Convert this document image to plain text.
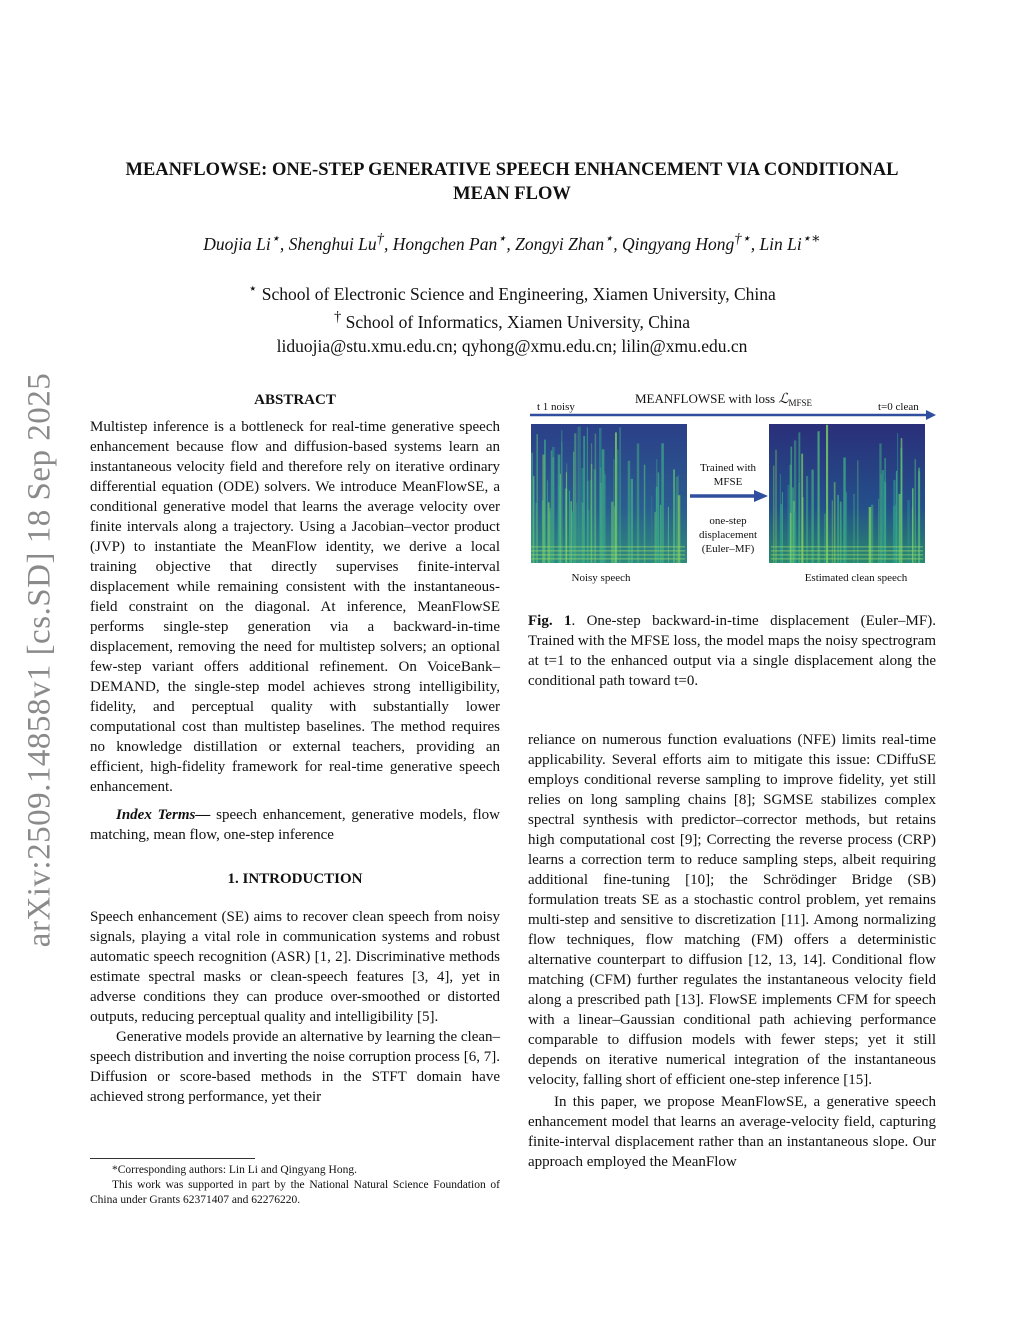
arXiv:2509.14858v1 [cs.SD] 18 Sep 2025
MEANFLOWSE: ONE-STEP GENERATIVE SPEECH ENHANCEMENT VIA CONDITIONAL
MEAN FLOW
Duojia Li⋆, Shenghui Lu†, Hongchen Pan⋆, Zongyi Zhan⋆, Qingyang Hong†⋆, Lin Li⋆∗
⋆ School of Electronic Science and Engineering, Xiamen University, China
† School of Informatics, Xiamen University, China
liduojia@stu.xmu.edu.cn; qyhong@xmu.edu.cn; lilin@xmu.edu.cn
ABSTRACT

Multistep inference is a bottleneck for real-time generative speech enhancement because flow and diffusion-based systems learn an instantaneous velocity field and therefore rely on iterative ordinary differential equation (ODE) solvers. We introduce MeanFlowSE, a conditional generative model that learns the average velocity over finite intervals along a trajectory. Using a Jacobian–vector product (JVP) to instantiate the MeanFlow identity, we derive a local training objective that directly supervises finite-interval displacement while remaining consistent with the instantaneous-field constraint on the diagonal. At inference, MeanFlowSE performs single-step generation via a backward-in-time displacement, removing the need for multistep solvers; an optional few-step variant offers additional refinement. On VoiceBank–DEMAND, the single-step model achieves strong intelligibility, fidelity, and perceptual quality with substantially lower computational cost than multistep baselines. The method requires no knowledge distillation or external teachers, providing an efficient, high-fidelity framework for real-time generative speech enhancement.

Index Terms— speech enhancement, generative models, flow matching, mean flow, one-step inference

1. INTRODUCTION

Speech enhancement (SE) aims to recover clean speech from noisy signals, playing a vital role in communication systems and robust automatic speech recognition (ASR) [1, 2]. Discriminative methods estimate spectral masks or clean-speech features [3, 4], yet in adverse conditions they can produce over-smoothed or distorted outputs, reducing perceptual quality and intelligibility [5].

Generative models provide an alternative by learning the clean–speech distribution and inverting the noise corruption process [6, 7]. Diffusion or score-based methods in the STFT domain have achieved strong performance, yet their

*Corresponding authors: Lin Li and Qingyang Hong.

This work was supported in part by the National Natural Science Foundation of China under Grants 62371407 and 62276220.

t 1 noisy
MEANFLOWSE with loss ℒ$_{MFSE}$	t=0 clean
Trained with
MFSE
one-step
displacement
(Euler–MF)
Noisy speech	Estimated clean speech
Fig. 1. One-step backward-in-time displacement (Euler–MF). Trained with the MFSE loss, the model maps the noisy spectrogram at t=1 to the enhanced output via a single displacement along the conditional path toward t=0.

reliance on numerous function evaluations (NFE) limits real-time applicability. Several efforts aim to mitigate this issue: CDiffuSE employs conditional reverse sampling to improve fidelity, yet still relies on long sampling chains [8]; SGMSE stabilizes complex spectral synthesis with predictor–corrector methods, but retains high computational cost [9]; Correcting the reverse process (CRP) learns a correction term to reduce sampling steps, albeit requiring additional fine-tuning [10]; the Schrödinger Bridge (SB) formulation treats SE as a stochastic control problem, yet remains multi-step and sensitive to discretization [11]. Among normalizing flow techniques, flow matching (FM) offers a deterministic alternative counterpart to diffusion [12, 13, 14]. Conditional flow matching (CFM) further regulates the instantaneous velocity field along a prescribed path [13]. FlowSE implements CFM for speech with a linear–Gaussian conditional path achieving performance comparable to diffusion models with fewer steps; yet it still depends on iterative numerical integration of the instantaneous velocity, falling short of efficient one-step inference [15].

In this paper, we propose MeanFlowSE, a generative speech enhancement model that learns an average-velocity field, capturing finite-interval displacement rather than an instantaneous slope. Our approach employed the MeanFlow
